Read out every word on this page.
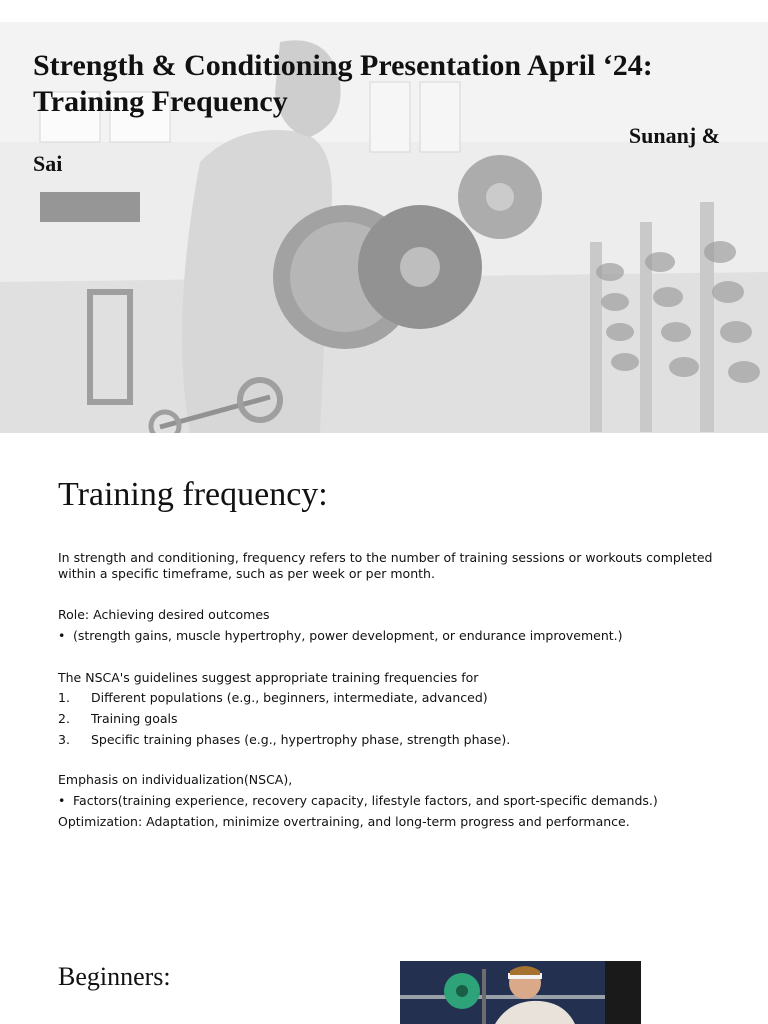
Strength & Conditioning Presentation April ‘24:
Training Frequency
Sunanj &
Sai
Training frequency:

In strength and conditioning, frequency refers to the number of training sessions or workouts completed within a specific timeframe, such as per week or per month.

Role: Achieving desired outcomes

• (strength gains, muscle hypertrophy, power development, or endurance improvement.)

The NSCA's guidelines suggest appropriate training frequencies for

1. Different populations (e.g., beginners, intermediate, advanced)
2. Training goals
3. Specific training phases (e.g., hypertrophy phase, strength phase).

Emphasis on individualization(NSCA),

• Factors(training experience, recovery capacity, lifestyle factors, and sport-specific demands.)

Optimization: Adaptation, minimize overtraining, and long-term progress and performance.

Beginners:
